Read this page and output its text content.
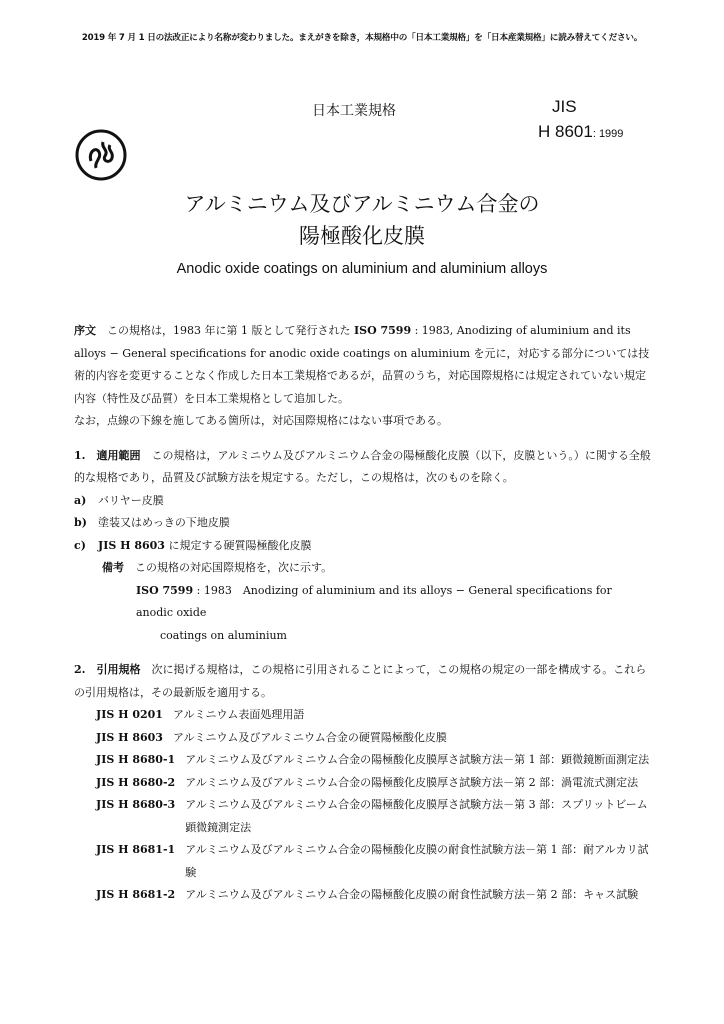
2019 年 7 月 1 日の法改正により名称が変わりました。まえがきを除き，本規格中の「日本工業規格」を「日本産業規格」に読み替えてください。
日本工業規格	JIS
H 8601: 1999
アルミニウム及びアルミニウム合金の
陽極酸化皮膜
Anodic oxide coatings on aluminium and aluminium alloys

序文　この規格は，1983 年に第 1 版として発行された ISO 7599 : 1983, Anodizing of aluminium and its alloys − General specifications for anodic oxide coatings on aluminium を元に，対応する部分については技術的内容を変更することなく作成した日本工業規格であるが，品質のうち，対応国際規格には規定されていない規定内容（特性及び品質）を日本工業規格として追加した。

なお，点線の下線を施してある箇所は，対応国際規格にはない事項である。

1.　 適用範囲　この規格は，アルミニウム及びアルミニウム合金の陽極酸化皮膜（以下，皮膜という。）に関する全般的な規格であり，品質及び試験方法を規定する。ただし，この規格は，次のものを除く。

a)	バリヤー皮膜
b)	塗装又はめっきの下地皮膜
c)	JIS H 8603 に規定する硬質陽極酸化皮膜

備考　この規格の対応国際規格を，次に示す。

ISO 7599 : 1983　Anodizing of aluminium and its alloys − General specifications for anodic oxide
coatings on aluminium

2.　 引用規格　次に掲げる規格は，この規格に引用されることによって，この規格の規定の一部を構成する。これらの引用規格は，その最新版を適用する。

JIS H 0201 アルミニウム表面処理用語
JIS H 8603 アルミニウム及びアルミニウム合金の硬質陽極酸化皮膜
JIS H 8680-1 アルミニウム及びアルミニウム合金の陽極酸化皮膜厚さ試験方法－第 1 部：顕微鏡断面測定法
JIS H 8680-2 アルミニウム及びアルミニウム合金の陽極酸化皮膜厚さ試験方法－第 2 部：渦電流式測定法
JIS H 8680-3 アルミニウム及びアルミニウム合金の陽極酸化皮膜厚さ試験方法－第 3 部：スプリットビーム顕微鏡測定法
JIS H 8681-1 アルミニウム及びアルミニウム合金の陽極酸化皮膜の耐食性試験方法－第 1 部：耐アルカリ試験
JIS H 8681-2 アルミニウム及びアルミニウム合金の陽極酸化皮膜の耐食性試験方法－第 2 部：キャス試験
